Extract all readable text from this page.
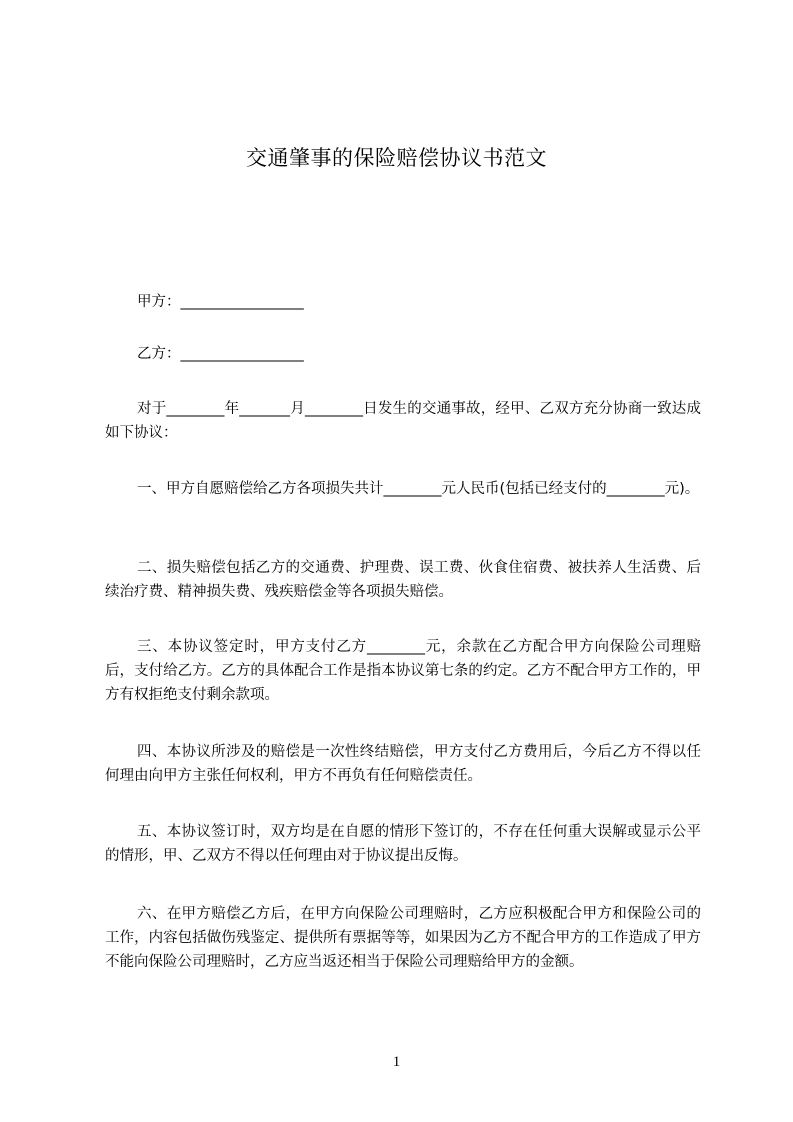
交通肇事的保险赔偿协议书范文
甲方：_________________
乙方：_________________

对于________年_______月________日发生的交通事故，经甲、乙双方充分协商一致达成如下协议：

一、甲方自愿赔偿给乙方各项损失共计________元人民币(包括已经支付的________元)。

二、损失赔偿包括乙方的交通费、护理费、误工费、伙食住宿费、被扶养人生活费、后续治疗费、精神损失费、残疾赔偿金等各项损失赔偿。

三、本协议签定时，甲方支付乙方________元，余款在乙方配合甲方向保险公司理赔后，支付给乙方。乙方的具体配合工作是指本协议第七条的约定。乙方不配合甲方工作的，甲方有权拒绝支付剩余款项。

四、本协议所涉及的赔偿是一次性终结赔偿，甲方支付乙方费用后，今后乙方不得以任何理由向甲方主张任何权利，甲方不再负有任何赔偿责任。

五、本协议签订时，双方均是在自愿的情形下签订的，不存在任何重大误解或显示公平的情形，甲、乙双方不得以任何理由对于协议提出反悔。

六、在甲方赔偿乙方后，在甲方向保险公司理赔时，乙方应积极配合甲方和保险公司的工作，内容包括做伤残鉴定、提供所有票据等等，如果因为乙方不配合甲方的工作造成了甲方不能向保险公司理赔时，乙方应当返还相当于保险公司理赔给甲方的金额。

1
